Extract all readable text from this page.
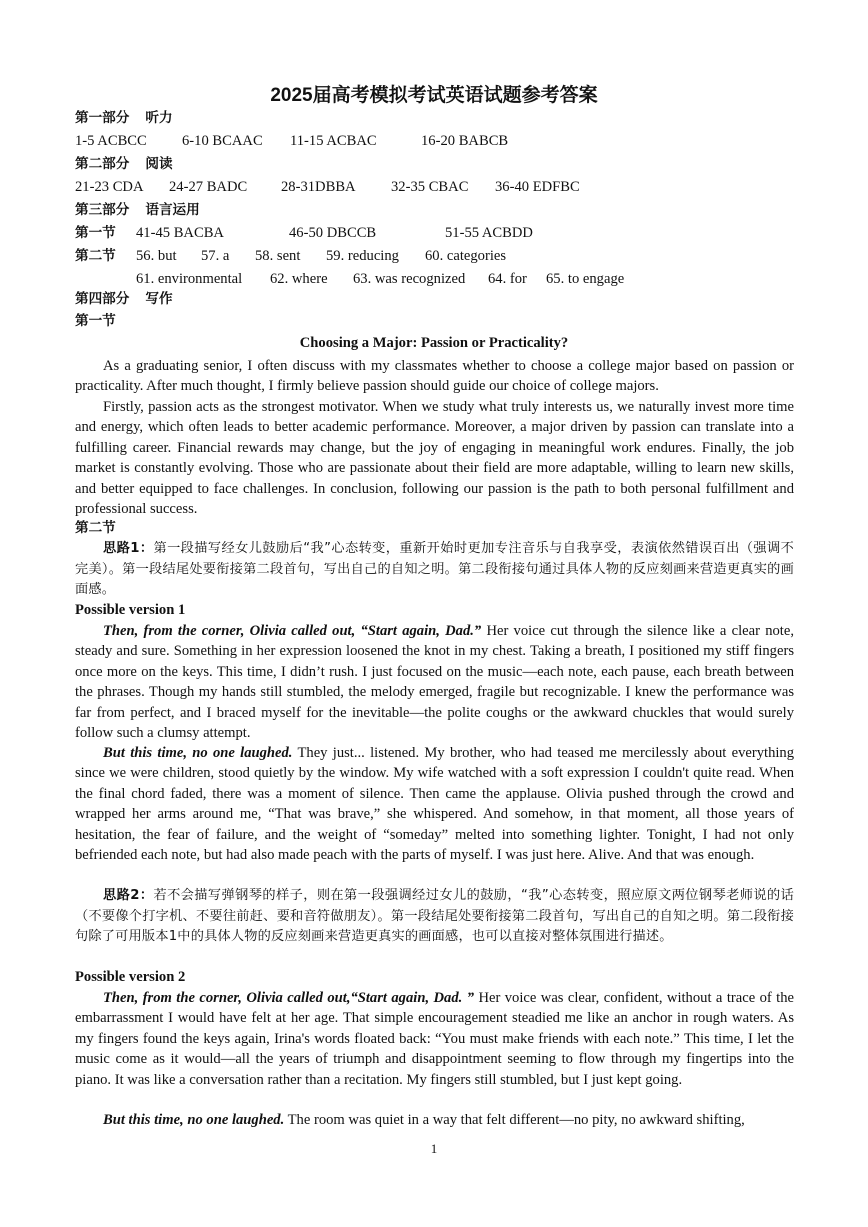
2025届高考模拟考试英语试题参考答案
第一部分 听力
1-5 ACBCC 6-10 BCAAC 11-15 ACBAC	16-20 BABCB
第二部分 阅读
21-23 CDA 24-27 BADC 28-31DBBA 32-35 CBAC 36-40 EDFBC
第三部分 语言运用
第一节 41-45 BACBA	46-50 DBCCB	51-55 ACBDD
第二节 56. but 57. a 58. sent 59. reducing 60. categories
61. environmental 62. where 63. was recognized 64. for 65. to engage
第四部分 写作
第一节
Choosing a Major: Passion or Practicality?
As a graduating senior, I often discuss with my classmates whether to choose a college major based on passion or practicality. After much thought, I firmly believe passion should guide our choice of college majors.
Firstly, passion acts as the strongest motivator. When we study what truly interests us, we naturally invest more time and energy, which often leads to better academic performance. Moreover, a major driven by passion can translate into a fulfilling career. Financial rewards may change, but the joy of engaging in meaningful work endures. Finally, the job market is constantly evolving. Those who are passionate about their field are more adaptable, willing to learn new skills, and better equipped to face challenges. In conclusion, following our passion is the path to both personal fulfillment and professional success.
第二节
思路1：第一段描写经女儿鼓励后“我”心态转变，重新开始时更加专注音乐与自我享受，表演依然错误百出（强调不完美）。第一段结尾处要衔接第二段首句，写出自己的自知之明。第二段衔接句通过具体人物的反应刻画来营造更真实的画面感。
Possible version 1
Then, from the corner, Olivia called out, “Start again, Dad.” Her voice cut through the silence like a clear note, steady and sure. Something in her expression loosened the knot in my chest. Taking a breath, I positioned my stiff fingers once more on the keys. This time, I didn’t rush. I just focused on the music—each note, each pause, each breath between the phrases. Though my hands still stumbled, the melody emerged, fragile but recognizable. I knew the performance was far from perfect, and I braced myself for the inevitable—the polite coughs or the awkward chuckles that would surely follow such a clumsy attempt.
But this time, no one laughed. They just... listened. My brother, who had teased me mercilessly about everything since we were children, stood quietly by the window. My wife watched with a soft expression I couldn't quite read. When the final chord faded, there was a moment of silence. Then came the applause. Olivia pushed through the crowd and wrapped her arms around me, “That was brave,” she whispered. And somehow, in that moment, all those years of hesitation, the fear of failure, and the weight of “someday” melted into something lighter. Tonight, I had not only befriended each note, but had also made peach with the parts of myself. I was just here. Alive. And that was enough.
思路2：若不会描写弹钢琴的样子，则在第一段强调经过女儿的鼓励，“我”心态转变，照应原文两位钢琴老师说的话（不要像个打字机、不要往前赶、要和音符做朋友）。第一段结尾处要衔接第二段首句，写出自己的自知之明。第二段衔接句除了可用版本1中的具体人物的反应刻画来营造更真实的画面感，也可以直接对整体氛围进行描述。
Possible version 2
Then, from the corner, Olivia called out,“Start again, Dad. ” Her voice was clear, confident, without a trace of the embarrassment I would have felt at her age. That simple encouragement steadied me like an anchor in rough waters. As my fingers found the keys again, Irina's words floated back: “You must make friends with each note.” This time, I let the music come as it would—all the years of triumph and disappointment seeming to flow through my fingertips into the piano. It was like a conversation rather than a recitation. My fingers still stumbled, but I just kept going.
But this time, no one laughed. The room was quiet in a way that felt different—no pity, no awkward shifting,
1
